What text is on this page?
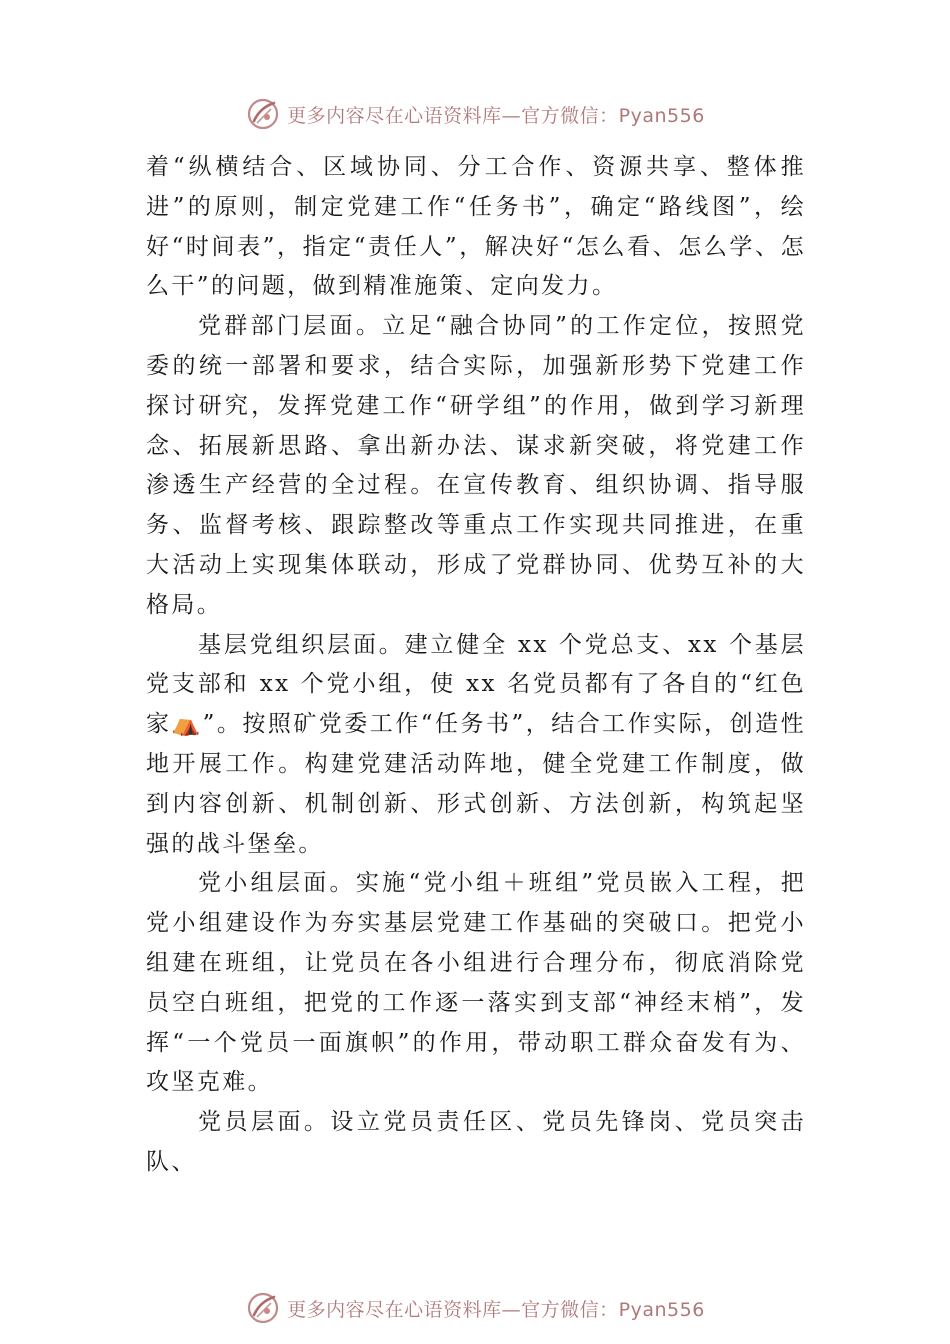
更多内容尽在心语资料库—官方微信：Pyan556

着“纵横结合、区域协同、分工合作、资源共享、整体推进”的原则，制定党建工作“任务书”，确定“路线图”，绘好“时间表”，指定“责任人”，解决好“怎么看、怎么学、怎么干”的问题，做到精准施策、定向发力。

党群部门层面。立足“融合协同”的工作定位，按照党委的统一部署和要求，结合实际，加强新形势下党建工作探讨研究，发挥党建工作“研学组”的作用，做到学习新理念、拓展新思路、拿出新办法、谋求新突破，将党建工作渗透生产经营的全过程。在宣传教育、组织协调、指导服务、监督考核、跟踪整改等重点工作实现共同推进，在重大活动上实现集体联动，形成了党群协同、优势互补的大格局。

基层党组织层面。建立健全 xx 个党总支、xx 个基层党支部和 xx 个党小组，使 xx 名党员都有了各自的“红色家⛺”。按照矿党委工作“任务书”，结合工作实际，创造性地开展工作。构建党建活动阵地，健全党建工作制度，做到内容创新、机制创新、形式创新、方法创新，构筑起坚强的战斗堡垒。

党小组层面。实施“党小组＋班组”党员嵌入工程，把党小组建设作为夯实基层党建工作基础的突破口。把党小组建在班组，让党员在各小组进行合理分布，彻底消除党员空白班组，把党的工作逐一落实到支部“神经末梢”，发挥“一个党员一面旗帜”的作用，带动职工群众奋发有为、攻坚克难。

党员层面。设立党员责任区、党员先锋岗、党员突击队、

更多内容尽在心语资料库—官方微信：Pyan556
